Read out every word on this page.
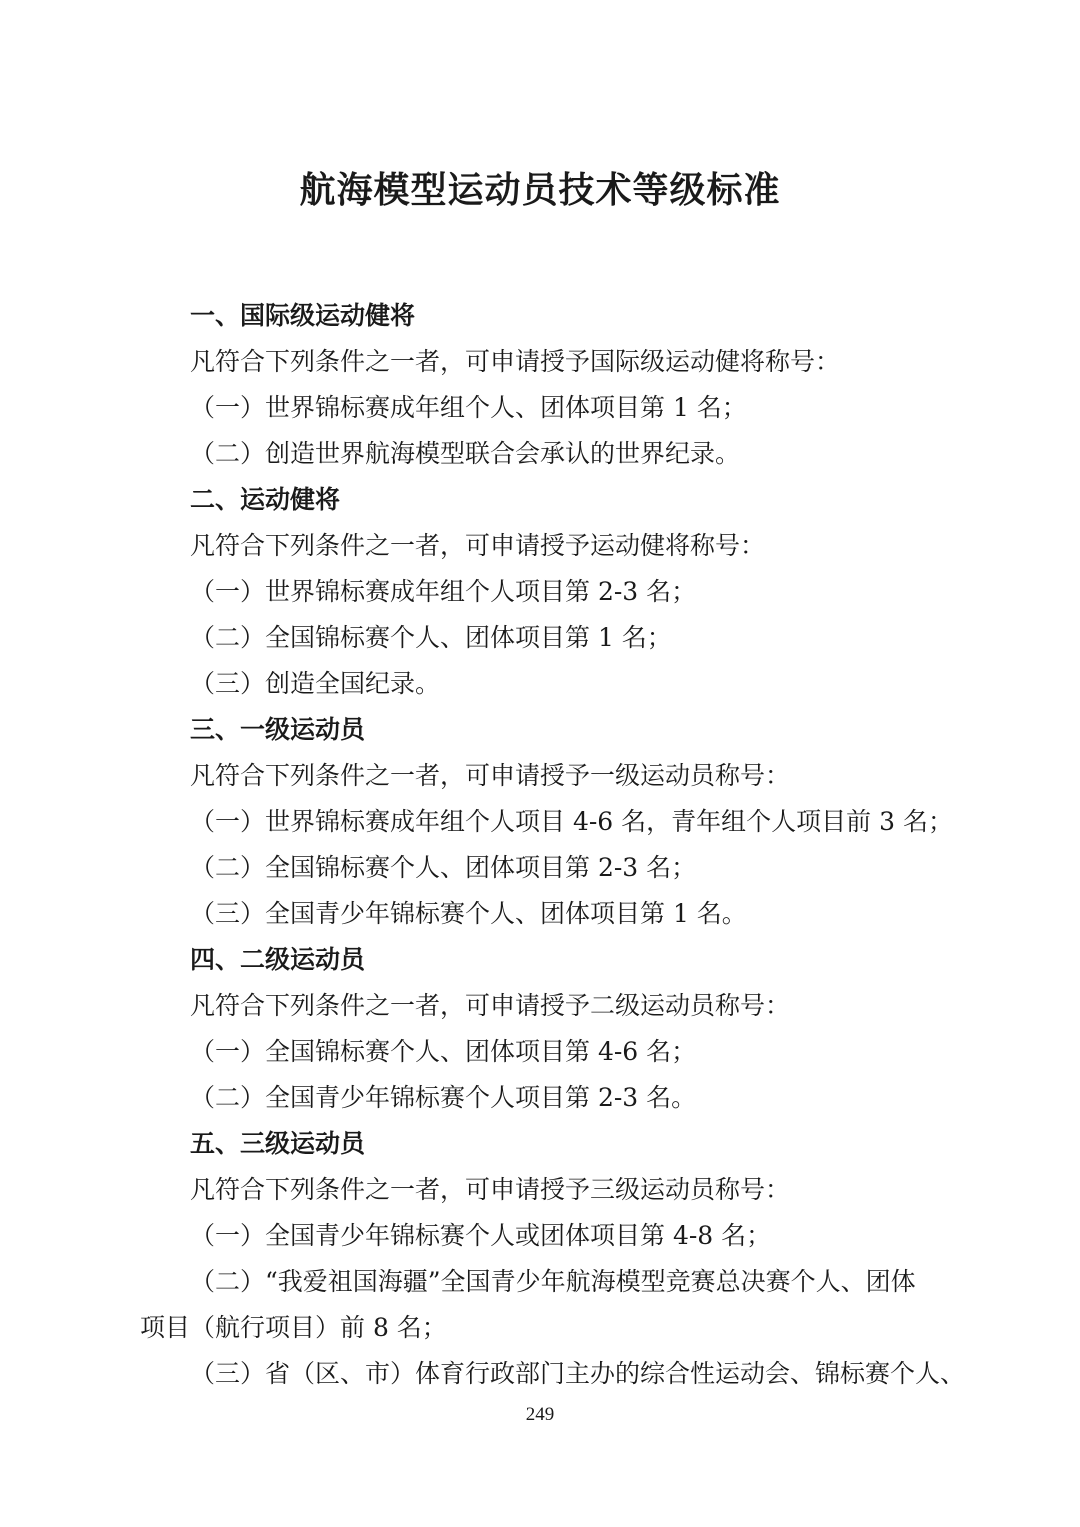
航海模型运动员技术等级标准

一、国际级运动健将

凡符合下列条件之一者，可申请授予国际级运动健将称号：

（一）世界锦标赛成年组个人、团体项目第 1 名；

（二）创造世界航海模型联合会承认的世界纪录。

二、运动健将

凡符合下列条件之一者，可申请授予运动健将称号：

（一）世界锦标赛成年组个人项目第 2-3 名；

（二）全国锦标赛个人、团体项目第 1 名；

（三）创造全国纪录。

三、一级运动员

凡符合下列条件之一者，可申请授予一级运动员称号：

（一）世界锦标赛成年组个人项目 4-6 名，青年组个人项目前 3 名；

（二）全国锦标赛个人、团体项目第 2-3 名；

（三）全国青少年锦标赛个人、团体项目第 1 名。

四、二级运动员

凡符合下列条件之一者，可申请授予二级运动员称号：

（一）全国锦标赛个人、团体项目第 4-6 名；

（二）全国青少年锦标赛个人项目第 2-3 名。

五、三级运动员

凡符合下列条件之一者，可申请授予三级运动员称号：

（一）全国青少年锦标赛个人或团体项目第 4-8 名；

（二）“我爱祖国海疆”全国青少年航海模型竞赛总决赛个人、团体

项目（航行项目）前 8 名；

（三）省（区、市）体育行政部门主办的综合性运动会、锦标赛个人、

249
